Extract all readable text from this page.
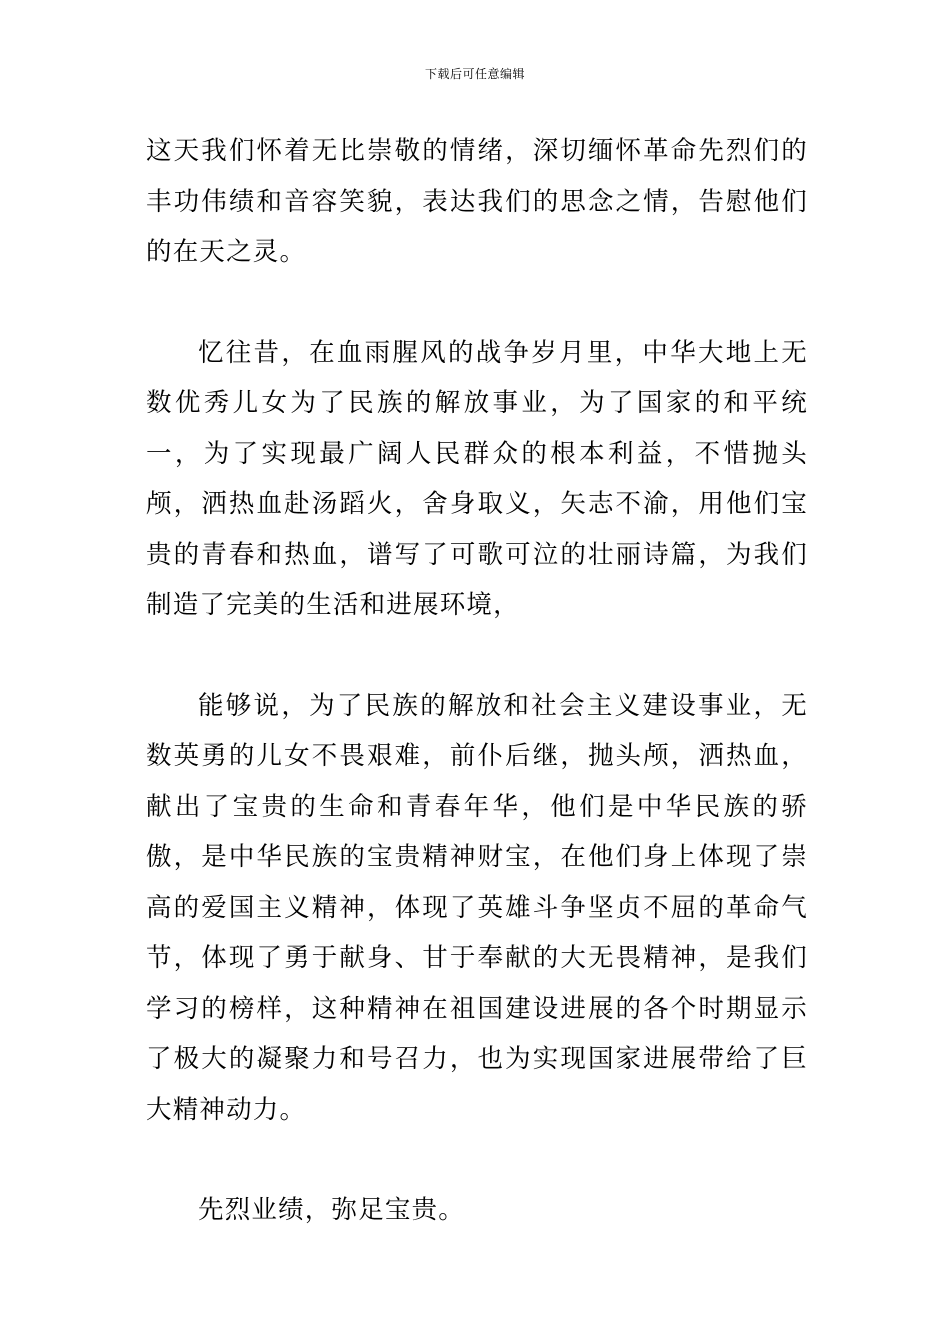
下载后可任意编辑

这天我们怀着无比崇敬的情绪，深切缅怀革命先烈们的丰功伟绩和音容笑貌，表达我们的思念之情，告慰他们的在天之灵。

忆往昔，在血雨腥风的战争岁月里，中华大地上无数优秀儿女为了民族的解放事业，为了国家的和平统一，为了实现最广阔人民群众的根本利益，不惜抛头颅，洒热血赴汤蹈火，舍身取义，矢志不渝，用他们宝贵的青春和热血，谱写了可歌可泣的壮丽诗篇，为我们制造了完美的生活和进展环境，

能够说，为了民族的解放和社会主义建设事业，无数英勇的儿女不畏艰难，前仆后继，抛头颅，洒热血，献出了宝贵的生命和青春年华，他们是中华民族的骄傲，是中华民族的宝贵精神财宝，在他们身上体现了崇高的爱国主义精神，体现了英雄斗争坚贞不屈的革命气节，体现了勇于献身、甘于奉献的大无畏精神，是我们学习的榜样，这种精神在祖国建设进展的各个时期显示了极大的凝聚力和号召力，也为实现国家进展带给了巨大精神动力。

先烈业绩，弥足宝贵。
